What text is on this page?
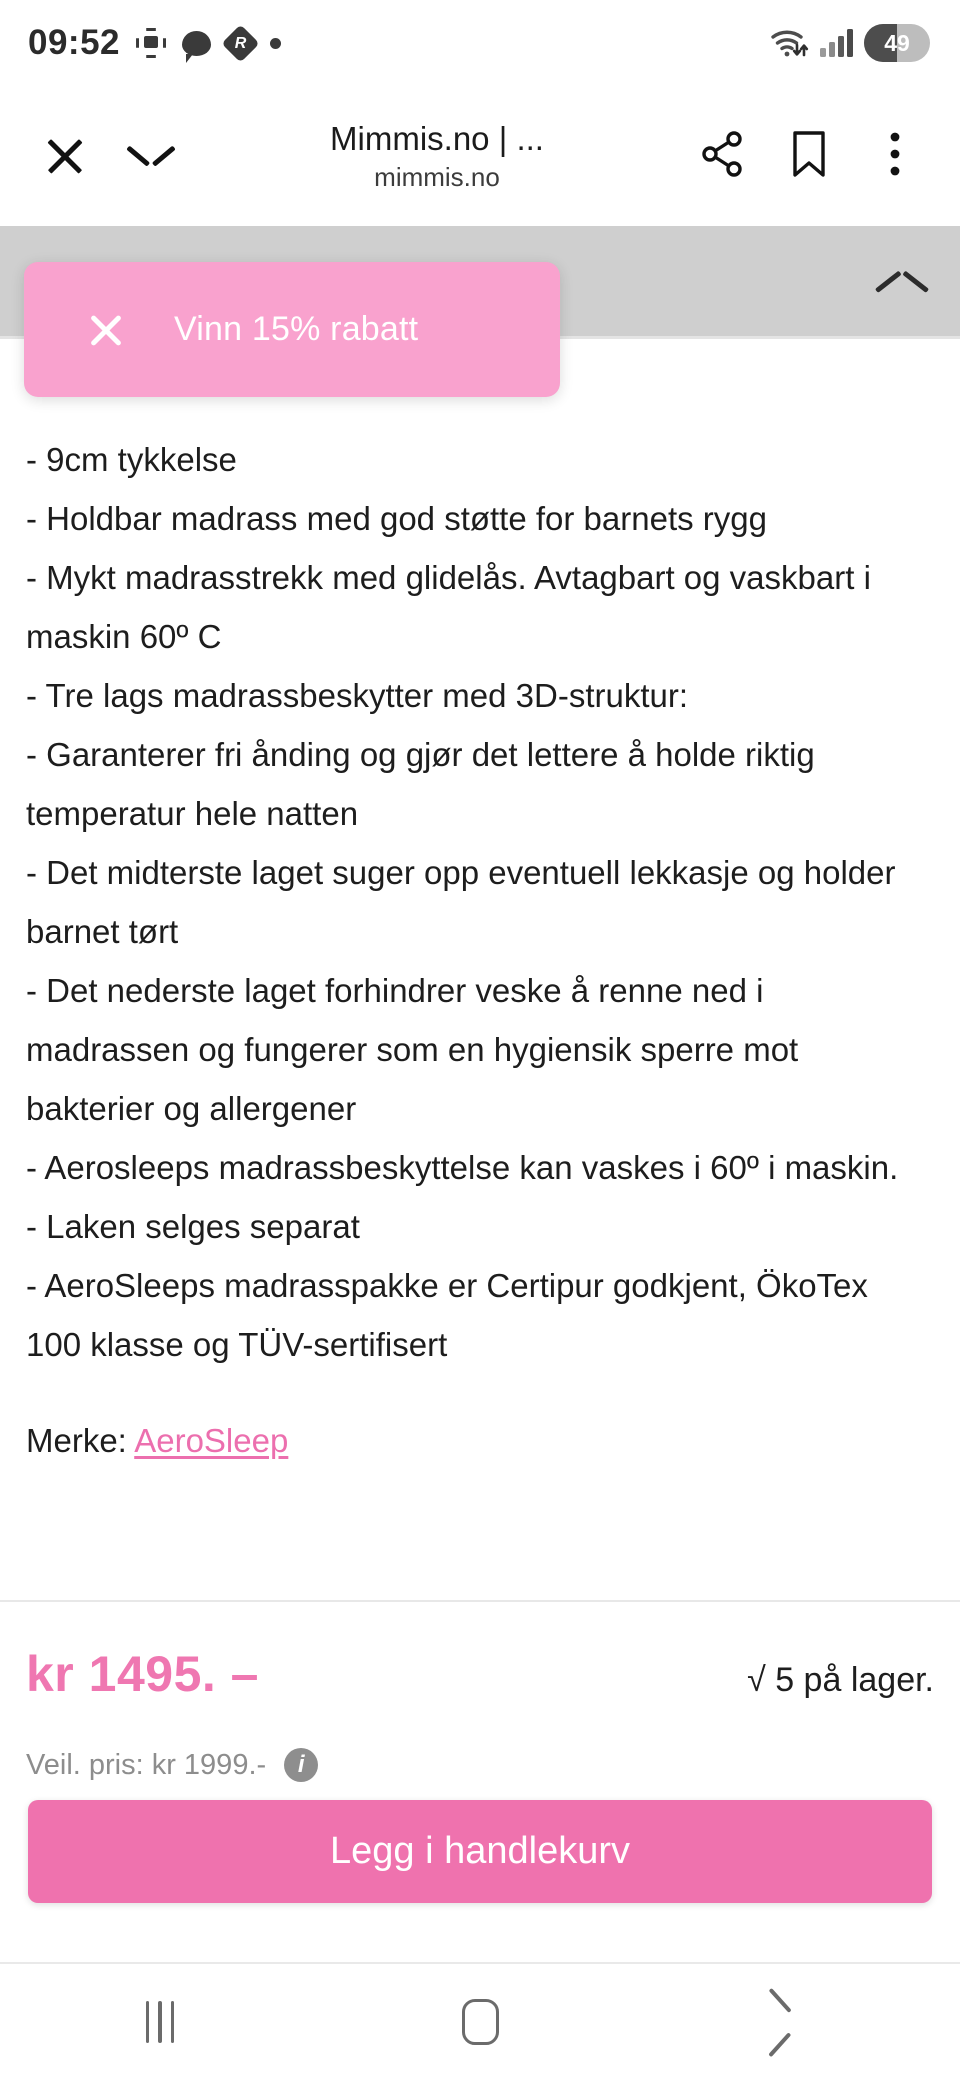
09:52 R	49
Mimmis.no | ...
mimmis.no
Vinn 15% rabatt

- 9cm tykkelse

- Holdbar madrass med god støtte for barnets rygg

- Mykt madrasstrekk med glidelås. Avtagbart og vaskbart i maskin 60º C

- Tre lags madrassbeskytter med 3D-struktur:

- Garanterer fri ånding og gjør det lettere å holde riktig temperatur hele natten

- Det midterste laget suger opp eventuell lekkasje og holder barnet tørt

- Det nederste laget forhindrer veske å renne ned i madrassen og fungerer som en hygiensik sperre mot bakterier og allergener

- Aerosleeps madrassbeskyttelse kan vaskes i 60º i maskin.

- Laken selges separat

- AeroSleeps madrasspakke er Certipur godkjent, ÖkoTex 100 klasse og TÜV-sertifisert

Merke: AeroSleep
kr 1495. –	√ 5 på lager.
Veil. pris: kr 1999.-	i
Legg i handlekurv
